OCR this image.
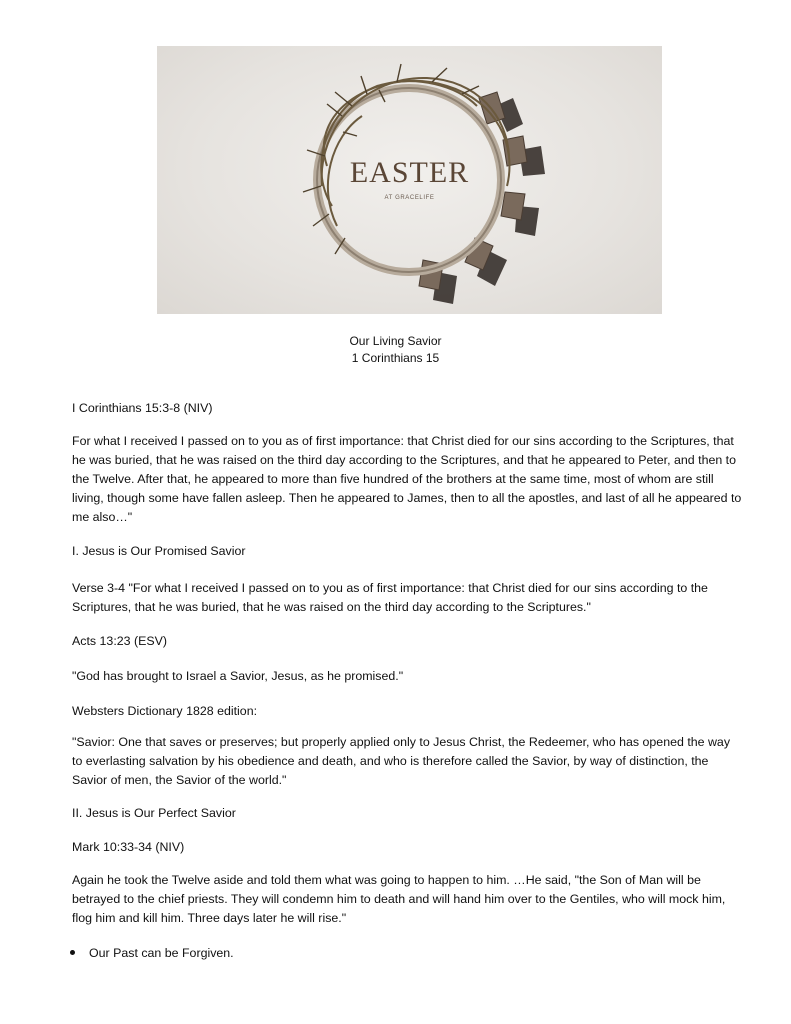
EASTER
AT GRACELIFE
Our Living Savior
1 Corinthians 15

I Corinthians 15:3-8 (NIV)

For what I received I passed on to you as of first importance: that Christ died for our sins according to the Scriptures, that he was buried, that he was raised on the third day according to the Scriptures, and that he appeared to Peter, and then to the Twelve. After that, he appeared to more than five hundred of the brothers at the same time, most of whom are still living, though some have fallen asleep. Then he appeared to James, then to all the apostles, and last of all he appeared to me also…"

I. Jesus is Our Promised Savior

Verse 3-4 "For what I received I passed on to you as of first importance: that Christ died for our sins according to the Scriptures, that he was buried, that he was raised on the third day according to the Scriptures."

Acts 13:23 (ESV)

"God has brought to Israel a Savior, Jesus, as he promised."

Websters Dictionary 1828 edition:

"Savior: One that saves or preserves; but properly applied only to Jesus Christ, the Redeemer, who has opened the way to everlasting salvation by his obedience and death, and who is therefore called the Savior, by way of distinction, the Savior of men, the Savior of the world."

II. Jesus is Our Perfect Savior

Mark 10:33-34 (NIV)

Again he took the Twelve aside and told them what was going to happen to him. …He said, "the Son of Man will be betrayed to the chief priests. They will condemn him to death and will hand him over to the Gentiles, who will mock him, flog him and kill him. Three days later he will rise."

Our Past can be Forgiven.
